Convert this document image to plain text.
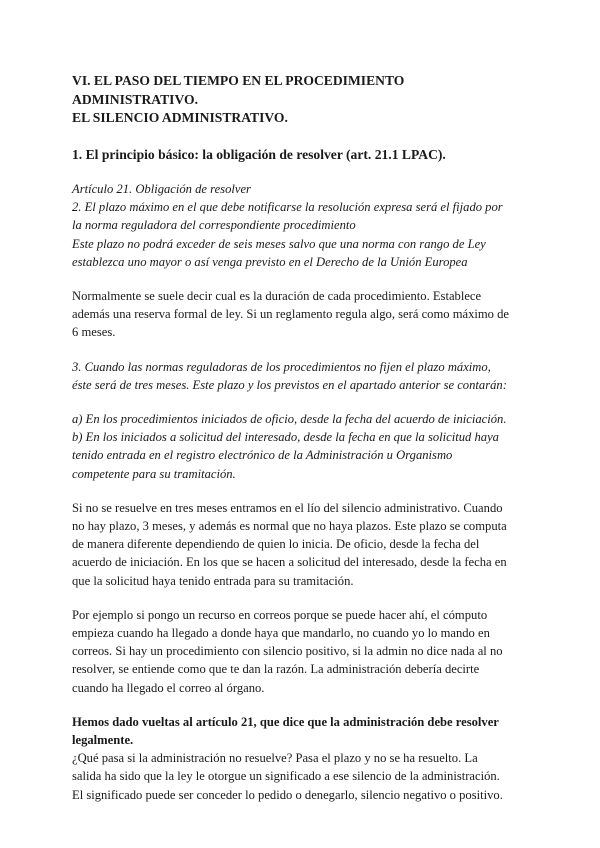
VI. EL PASO DEL TIEMPO EN EL PROCEDIMIENTO ADMINISTRATIVO.
EL SILENCIO ADMINISTRATIVO.
1. El principio básico: la obligación de resolver (art. 21.1 LPAC).

Artículo 21. Obligación de resolver

2. El plazo máximo en el que debe notificarse la resolución expresa será el fijado por

la norma reguladora del correspondiente procedimiento

Este plazo no podrá exceder de seis meses salvo que una norma con rango de Ley

establezca uno mayor o así venga previsto en el Derecho de la Unión Europea

Normalmente se suele decir cual es la duración de cada procedimiento. Establece

además una reserva formal de ley. Si un reglamento regula algo, será como máximo de

6 meses.

3. Cuando las normas reguladoras de los procedimientos no fijen el plazo máximo,

éste será de tres meses. Este plazo y los previstos en el apartado anterior se contarán:

a) En los procedimientos iniciados de oficio, desde la fecha del acuerdo de iniciación.

b) En los iniciados a solicitud del interesado, desde la fecha en que la solicitud haya

tenido entrada en el registro electrónico de la Administración u Organismo

competente para su tramitación.

Si no se resuelve en tres meses entramos en el lío del silencio administrativo. Cuando

no hay plazo, 3 meses, y además es normal que no haya plazos. Este plazo se computa

de manera diferente dependiendo de quien lo inicia. De oficio, desde la fecha del

acuerdo de iniciación. En los que se hacen a solicitud del interesado, desde la fecha en

que la solicitud haya tenido entrada para su tramitación.

Por ejemplo si pongo un recurso en correos porque se puede hacer ahí, el cómputo

empieza cuando ha llegado a donde haya que mandarlo, no cuando yo lo mando en

correos. Si hay un procedimiento con silencio positivo, si la admin no dice nada al no

resolver, se entiende como que te dan la razón. La administración debería decirte

cuando ha llegado el correo al órgano.

Hemos dado vueltas al artículo 21, que dice que la administración debe resolver

legalmente.

¿Qué pasa si la administración no resuelve? Pasa el plazo y no se ha resuelto. La

salida ha sido que la ley le otorgue un significado a ese silencio de la administración.

El significado puede ser conceder lo pedido o denegarlo, silencio negativo o positivo.
